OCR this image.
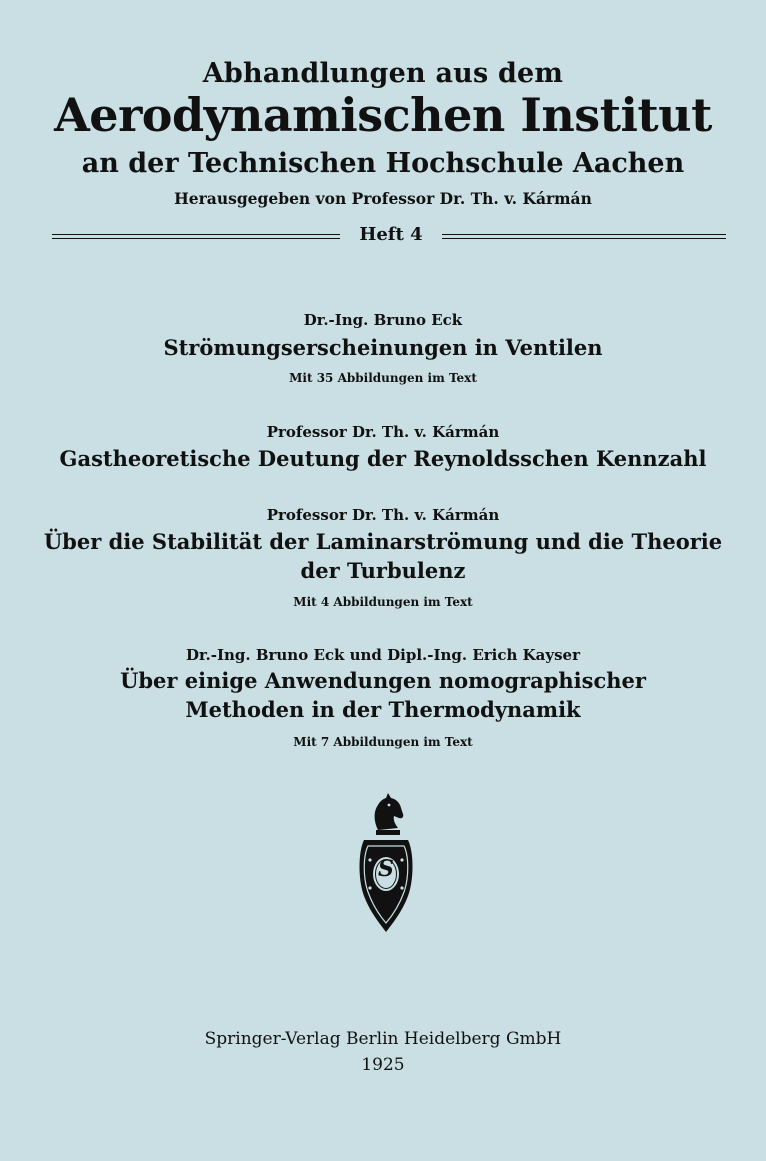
Abhandlungen aus dem
Aerodynamischen Institut
an der Technischen Hochschule Aachen
Herausgegeben von Professor Dr. Th. v. Kármán
Heft 4
Dr.-Ing. Bruno Eck
Strömungserscheinungen in Ventilen
Mit 35 Abbildungen im Text
Professor Dr. Th. v. Kármán
Gastheoretische Deutung der Reynoldsschen Kennzahl
Professor Dr. Th. v. Kármán
Über die Stabilität der Laminarströmung und die Theorie
der Turbulenz
Mit 4 Abbildungen im Text
Dr.-Ing. Bruno Eck und Dipl.-Ing. Erich Kayser
Über einige Anwendungen nomographischer
Methoden in der Thermodynamik
Mit 7 Abbildungen im Text
S
Springer-Verlag Berlin Heidelberg GmbH
1925
